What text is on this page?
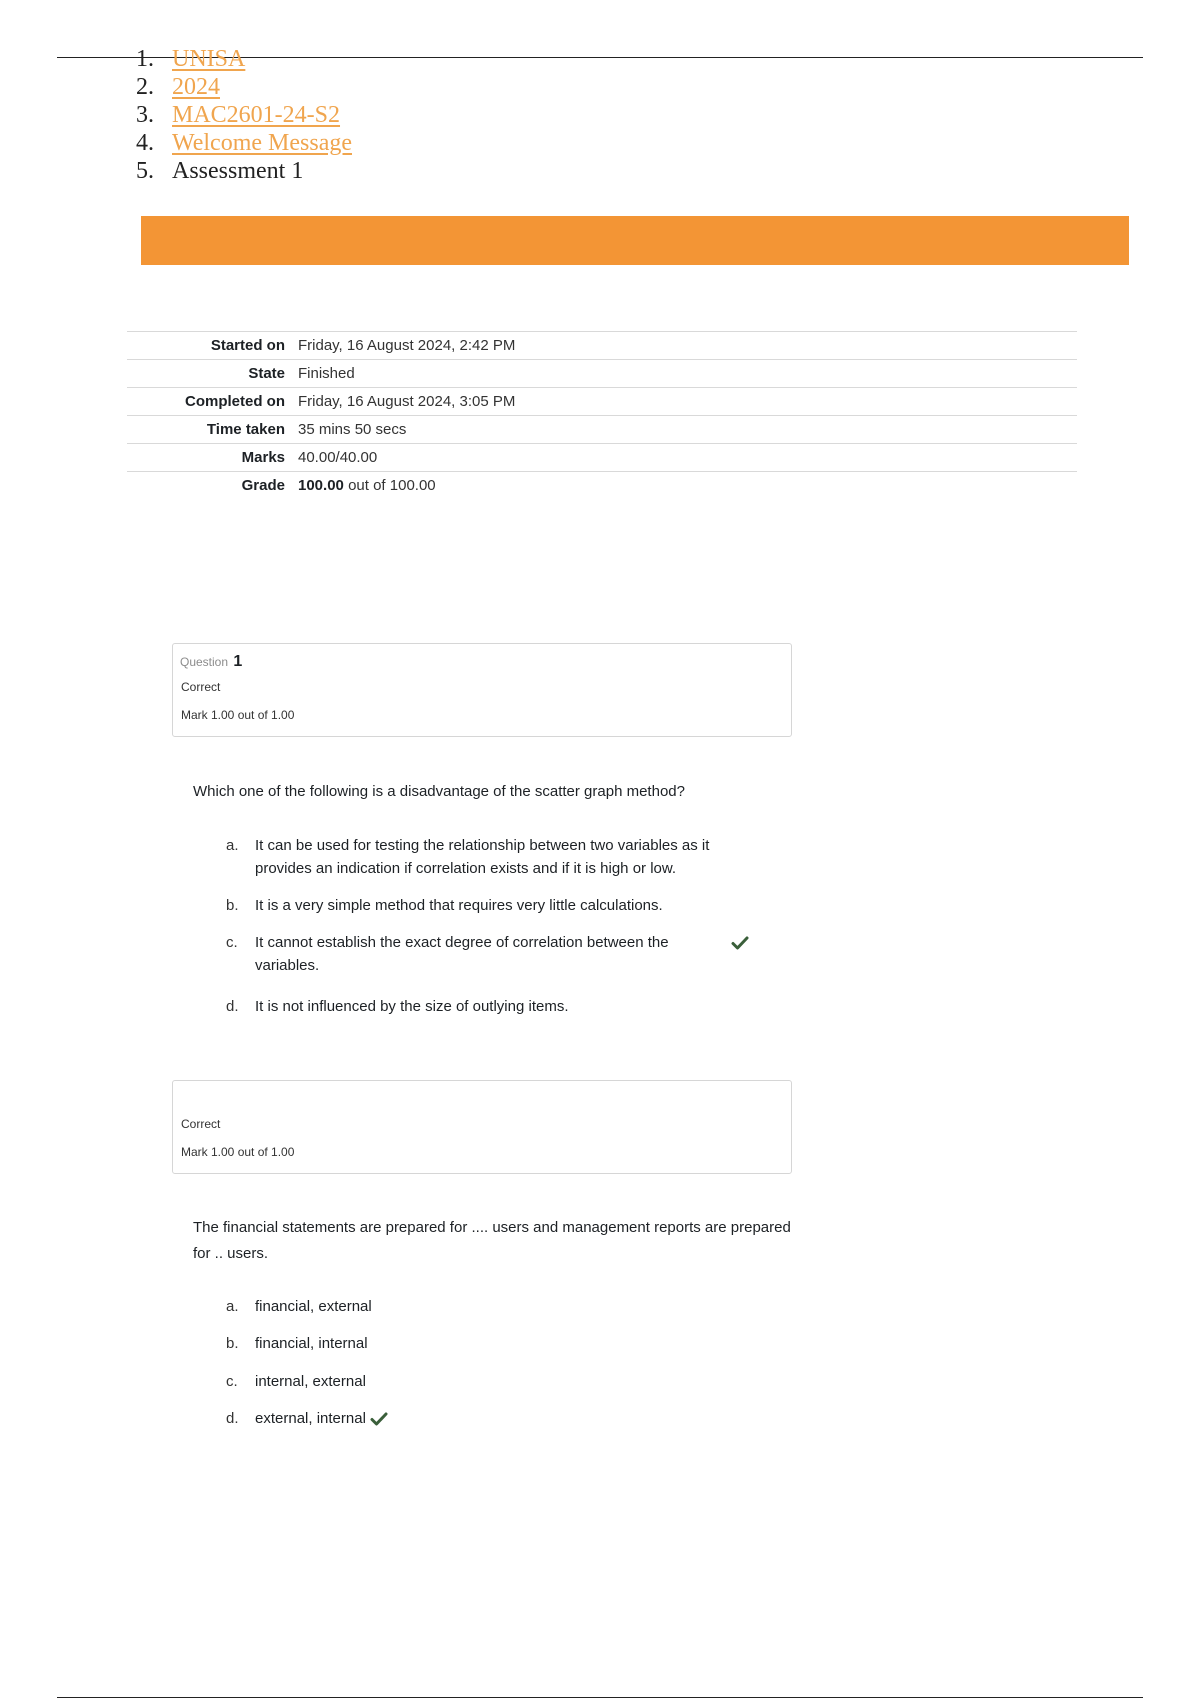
1. UNISA
2. 2024
3. MAC2601-24-S2
4. Welcome Message
5. Assessment 1
Started on	Friday, 16 August 2024, 2:42 PM
State	Finished
Completed on	Friday, 16 August 2024, 3:05 PM
Time taken	35 mins 50 secs
Marks	40.00/40.00
Grade	100.00 out of 100.00
Question 1
Correct
Mark 1.00 out of 1.00
Which one of the following is a disadvantage of the scatter graph method?
a.	It can be used for testing the relationship between two variables as it provides an indication if correlation exists and if it is high or low.
b.	It is a very simple method that requires very little calculations.
c.	It cannot establish the exact degree of correlation between the variables.
d.	It is not influenced by the size of outlying items.
Correct
Mark 1.00 out of 1.00
The financial statements are prepared for .... users and management reports are prepared for .. users.
a.	financial, external
b.	financial, internal
c.	internal, external
d.	external, internal
